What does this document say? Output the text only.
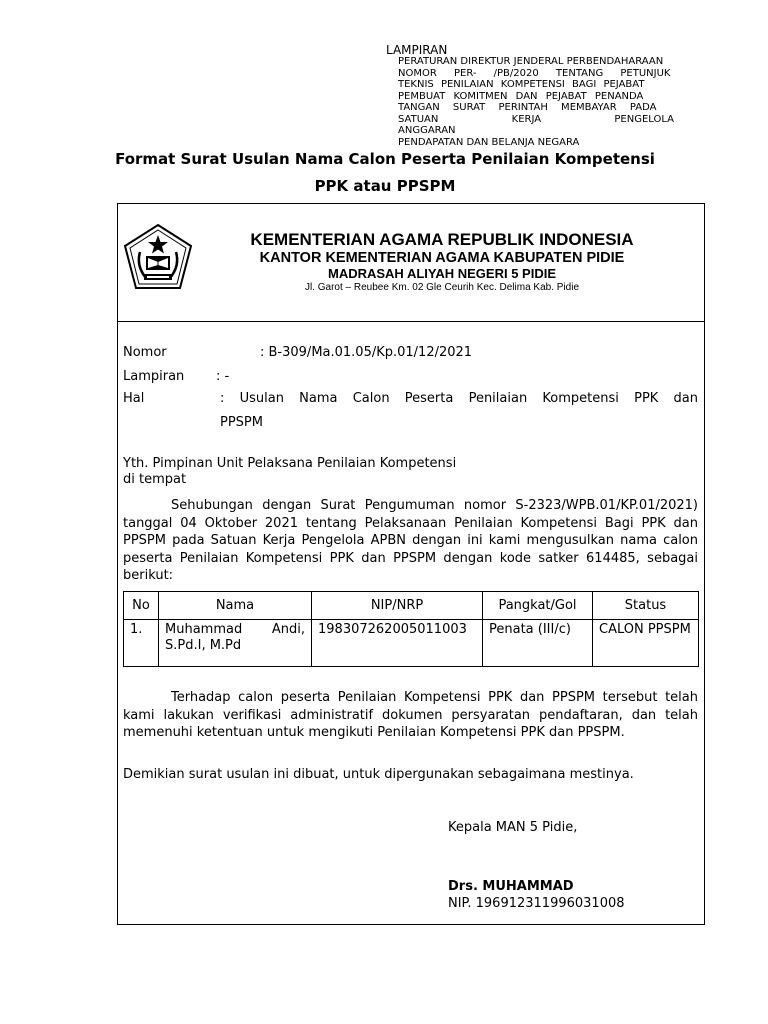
LAMPIRAN
PERATURAN DIREKTUR JENDERAL PERBENDAHARAAN
NOMOR PER- /PB/2020 TENTANG PETUNJUK
TEKNIS PENILAIAN KOMPETENSI BAGI PEJABAT
PEMBUAT KOMITMEN DAN PEJABAT PENANDA
TANGAN SURAT PERINTAH MEMBAYAR PADA
SATUAN KERJA PENGELOLA ANGGARAN
PENDAPATAN DAN BELANJA NEGARA
Format Surat Usulan Nama Calon Peserta Penilaian Kompetensi
PPK atau PPSPM
KEMENTERIAN AGAMA REPUBLIK INDONESIA
KANTOR KEMENTERIAN AGAMA KABUPATEN PIDIE
MADRASAH ALIYAH NEGERI 5 PIDIE
Jl. Garot – Reubee Km. 02 Gle Ceurih Kec. Delima Kab. Pidie
Nomor	: B-309/Ma.01.05/Kp.01/12/2021
Lampiran : -
Hal	: Usulan Nama Calon Peserta Penilaian Kompetensi PPK dan
PPSPM
Yth. Pimpinan Unit Pelaksana Penilaian Kompetensi
di tempat
Sehubungan dengan Surat Pengumuman nomor S-2323/WPB.01/KP.01/2021) tanggal 04 Oktober 2021 tentang Pelaksanaan Penilaian Kompetensi Bagi PPK dan PPSPM pada Satuan Kerja Pengelola APBN dengan ini kami mengusulkan nama calon peserta Penilaian Kompetensi PPK dan PPSPM dengan kode satker 614485, sebagai berikut:
No	Nama	NIP/NRP	Pangkat/Gol	Status
1.	Muhammad Andi, S.Pd.I, M.Pd	198307262005011003	Penata (III/c)	CALON PPSPM
Terhadap calon peserta Penilaian Kompetensi PPK dan PPSPM tersebut telah kami lakukan verifikasi administratif dokumen persyaratan pendaftaran, dan telah memenuhi ketentuan untuk mengikuti Penilaian Kompetensi PPK dan PPSPM.
Demikian surat usulan ini dibuat, untuk dipergunakan sebagaimana mestinya.
Kepala MAN 5 Pidie,
Drs. MUHAMMAD
NIP. 196912311996031008
